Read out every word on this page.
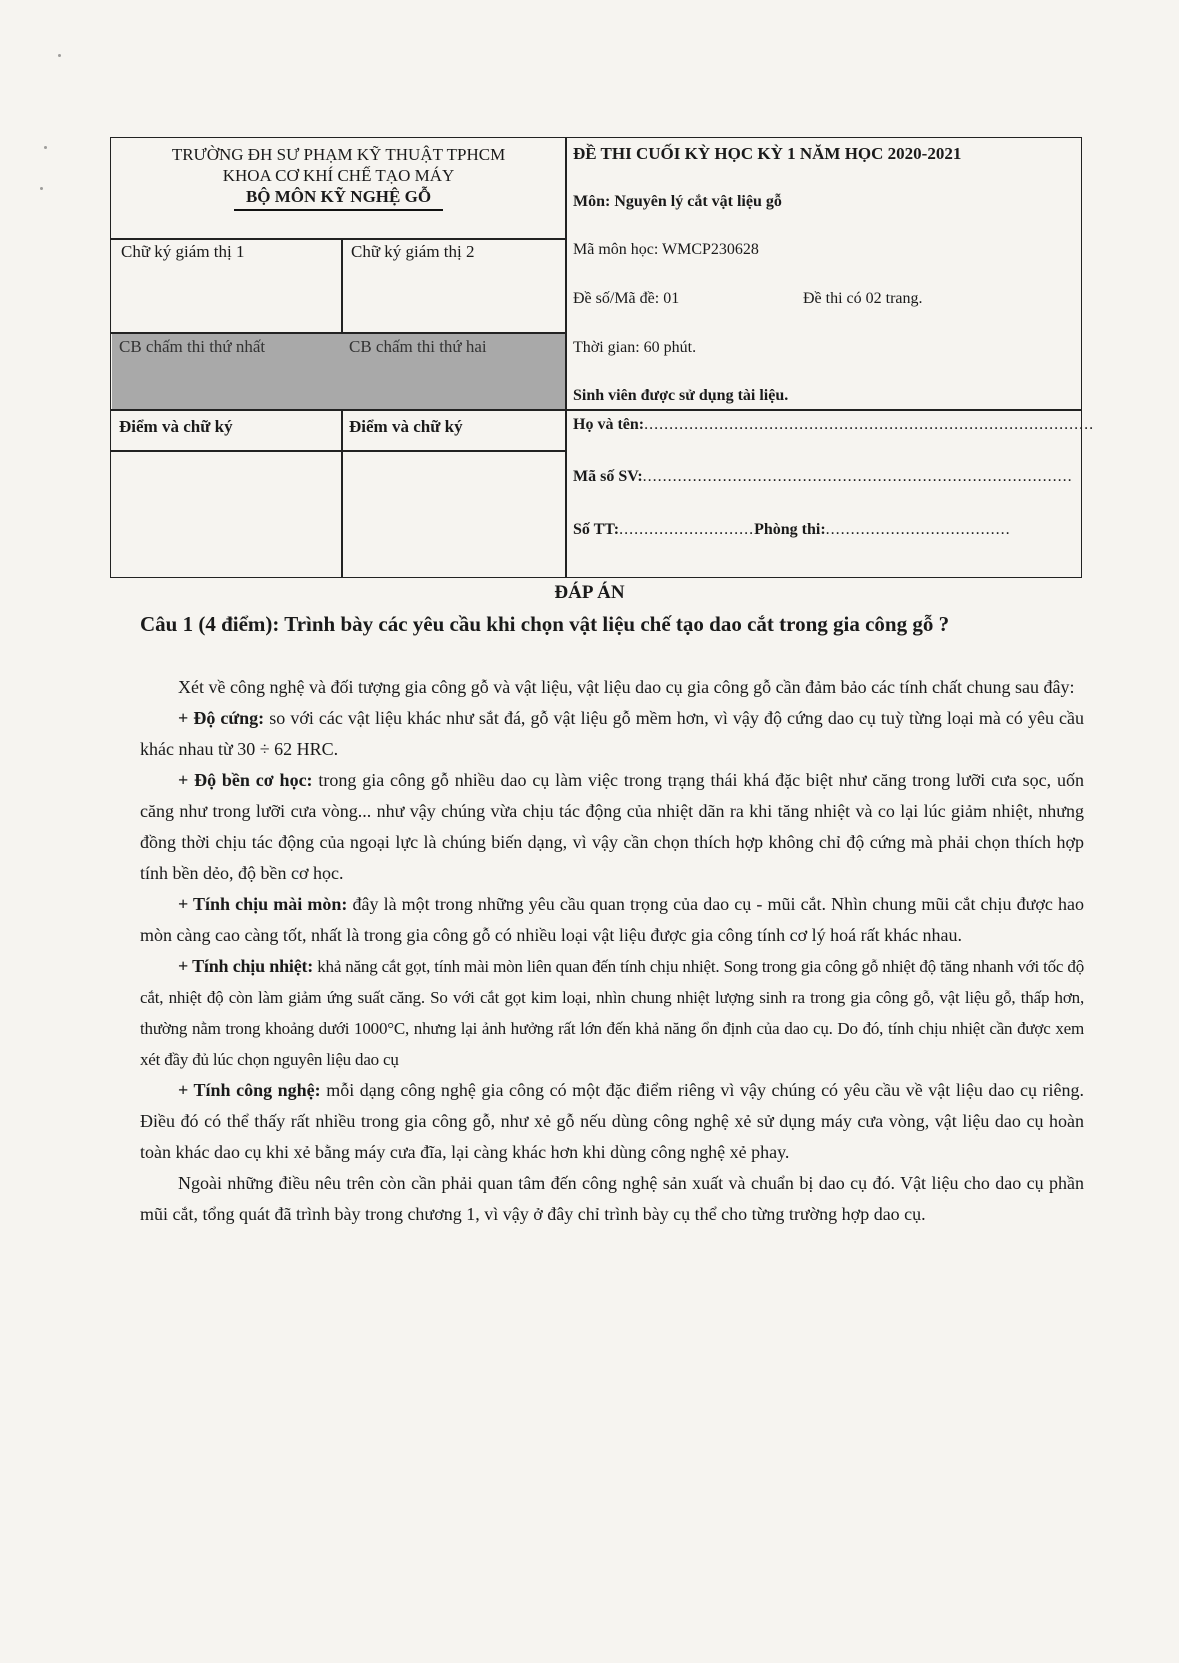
TRƯỜNG ĐH SƯ PHẠM KỸ THUẬT TPHCM
KHOA CƠ KHÍ CHẾ TẠO MÁY
BỘ MÔN KỸ NGHỆ GỖ
Chữ ký giám thị 1	Chữ ký giám thị 2
CB chấm thi thứ nhất	CB chấm thi thứ hai
Điểm và chữ ký	Điểm và chữ ký
ĐỀ THI CUỐI KỲ HỌC KỲ 1 NĂM HỌC 2020-2021
Môn: Nguyên lý cắt vật liệu gỗ
Mã môn học: WMCP230628
Đề số/Mã đề: 01	Đề thi có 02 trang.
Thời gian: 60 phút.
Sinh viên được sử dụng tài liệu.
Họ và tên:..........................................................................................
Mã số SV:......................................................................................
Số TT:...........................Phòng thi:.....................................
ĐÁP ÁN
Câu 1 (4 điểm): Trình bày các yêu cầu khi chọn vật liệu chế tạo dao cắt trong gia công gỗ ?

Xét về công nghệ và đối tượng gia công gỗ và vật liệu, vật liệu dao cụ gia công gỗ cần đảm bảo các tính chất chung sau đây:

+ Độ cứng: so với các vật liệu khác như sắt đá, gỗ vật liệu gỗ mềm hơn, vì vậy độ cứng dao cụ tuỳ từng loại mà có yêu cầu khác nhau từ 30 ÷ 62 HRC.

+ Độ bền cơ học: trong gia công gỗ nhiều dao cụ làm việc trong trạng thái khá đặc biệt như căng trong lưỡi cưa sọc, uốn căng như trong lưỡi cưa vòng... như vậy chúng vừa chịu tác động của nhiệt dãn ra khi tăng nhiệt và co lại lúc giảm nhiệt, nhưng đồng thời chịu tác động của ngoại lực là chúng biến dạng, vì vậy cần chọn thích hợp không chỉ độ cứng mà phải chọn thích hợp tính bền dẻo, độ bền cơ học.

+ Tính chịu mài mòn: đây là một trong những yêu cầu quan trọng của dao cụ - mũi cắt. Nhìn chung mũi cắt chịu được hao mòn càng cao càng tốt, nhất là trong gia công gỗ có nhiều loại vật liệu được gia công tính cơ lý hoá rất khác nhau.

+ Tính chịu nhiệt: khả năng cắt gọt, tính mài mòn liên quan đến tính chịu nhiệt. Song trong gia công gỗ nhiệt độ tăng nhanh với tốc độ cắt, nhiệt độ còn làm giảm ứng suất căng. So với cắt gọt kim loại, nhìn chung nhiệt lượng sinh ra trong gia công gỗ, vật liệu gỗ, thấp hơn, thường nằm trong khoảng dưới 1000°C, nhưng lại ảnh hưởng rất lớn đến khả năng ổn định của dao cụ. Do đó, tính chịu nhiệt cần được xem xét đầy đủ lúc chọn nguyên liệu dao cụ

+ Tính công nghệ: mỗi dạng công nghệ gia công có một đặc điểm riêng vì vậy chúng có yêu cầu về vật liệu dao cụ riêng. Điều đó có thể thấy rất nhiều trong gia công gỗ, như xẻ gỗ nếu dùng công nghệ xẻ sử dụng máy cưa vòng, vật liệu dao cụ hoàn toàn khác dao cụ khi xẻ bằng máy cưa đĩa, lại càng khác hơn khi dùng công nghệ xẻ phay.

Ngoài những điều nêu trên còn cần phải quan tâm đến công nghệ sản xuất và chuẩn bị dao cụ đó. Vật liệu cho dao cụ phần mũi cắt, tổng quát đã trình bày trong chương 1, vì vậy ở đây chỉ trình bày cụ thể cho từng trường hợp dao cụ.
